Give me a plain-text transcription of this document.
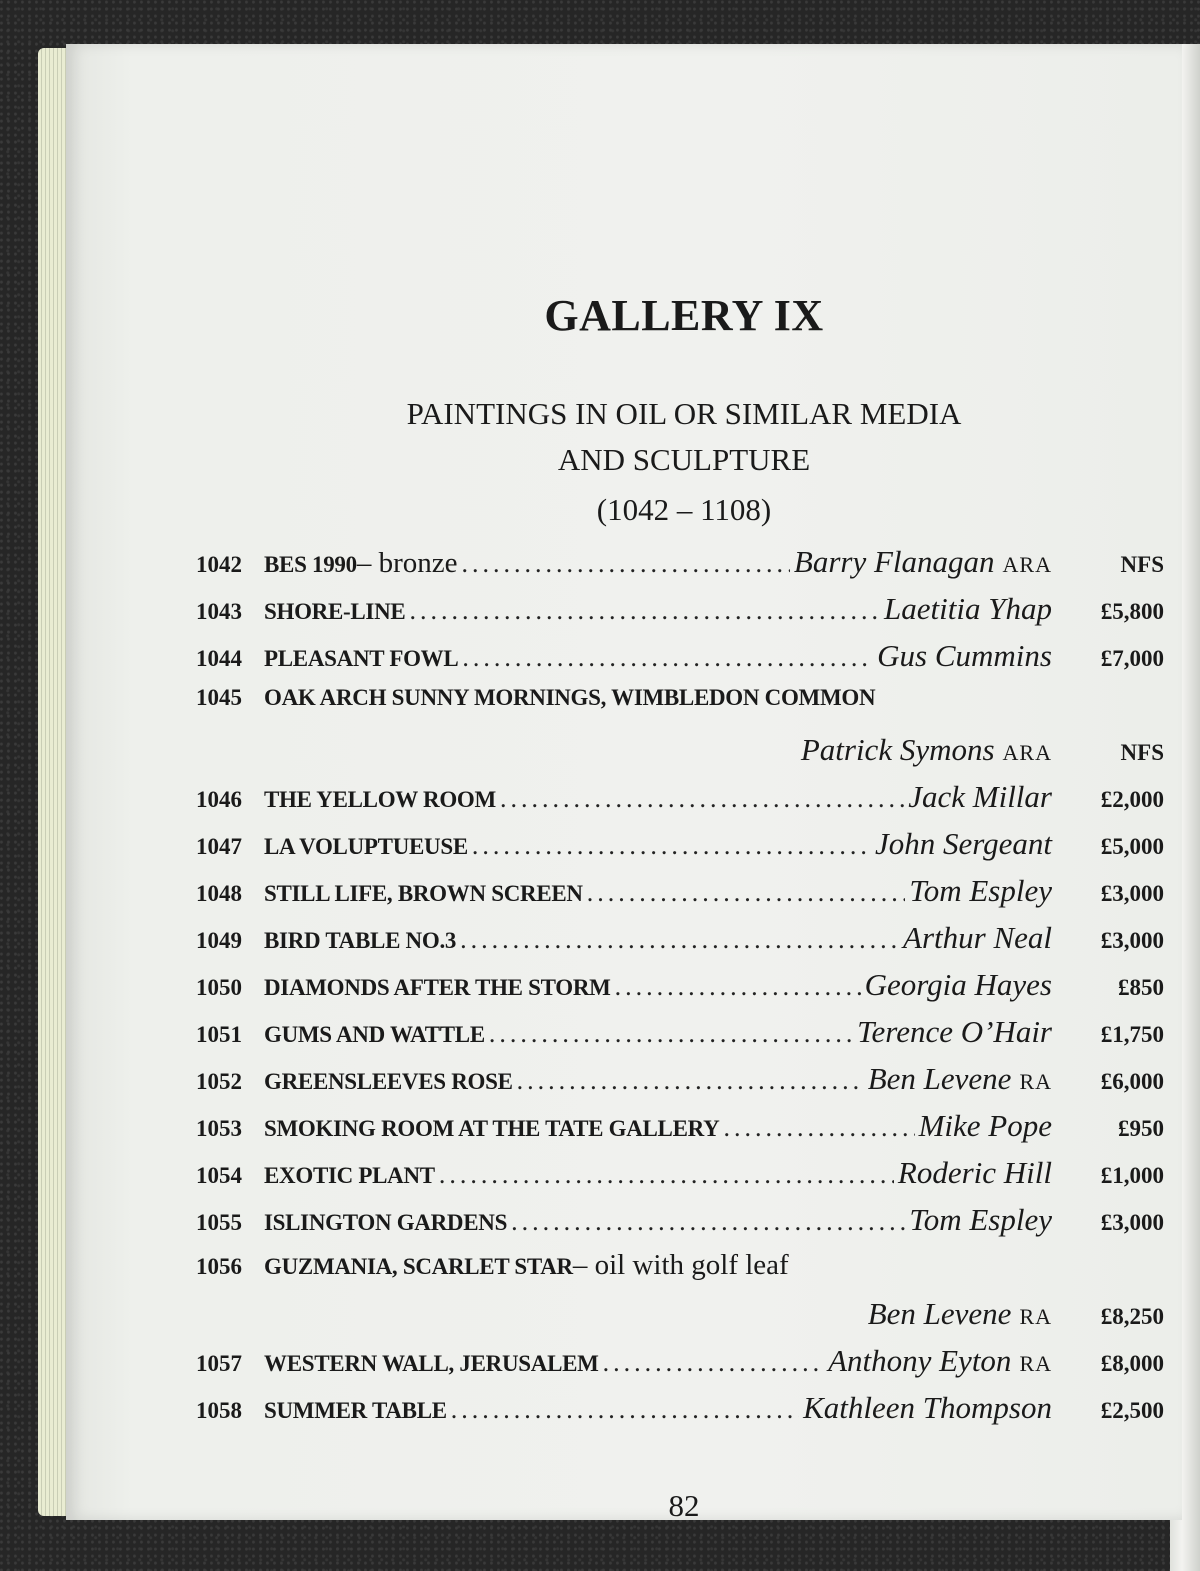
GALLERY IX
PAINTINGS IN OIL OR SIMILAR MEDIA
AND SCULPTURE
(1042 – 1108)
1042 BES 1990 – bronze .....	Barry Flanagan ARA	NFS
1043 SHORE-LINE .....	Laetitia Yhap	£5,800
1044 PLEASANT FOWL .....	Gus Cummins	£7,000
1045 OAK ARCH SUNNY MORNINGS, WIMBLEDON COMMON
Patrick Symons ARA	NFS
1046 THE YELLOW ROOM .....	Jack Millar	£2,000
1047 LA VOLUPTUEUSE .....	John Sergeant	£5,000
1048 STILL LIFE, BROWN SCREEN .....	Tom Espley	£3,000
1049 BIRD TABLE NO.3 .....	Arthur Neal	£3,000
1050 DIAMONDS AFTER THE STORM .....	Georgia Hayes	£850
1051 GUMS AND WATTLE .....	Terence O’Hair	£1,750
1052 GREENSLEEVES ROSE .....	Ben Levene RA	£6,000
1053 SMOKING ROOM AT THE TATE GALLERY .....	Mike Pope	£950
1054 EXOTIC PLANT .....	Roderic Hill	£1,000
1055 ISLINGTON GARDENS .....	Tom Espley	£3,000
1056 GUZMANIA, SCARLET STAR – oil with golf leaf
Ben Levene RA	£8,250
1057 WESTERN WALL, JERUSALEM .....	Anthony Eyton RA	£8,000
1058 SUMMER TABLE .....	Kathleen Thompson	£2,500
82
